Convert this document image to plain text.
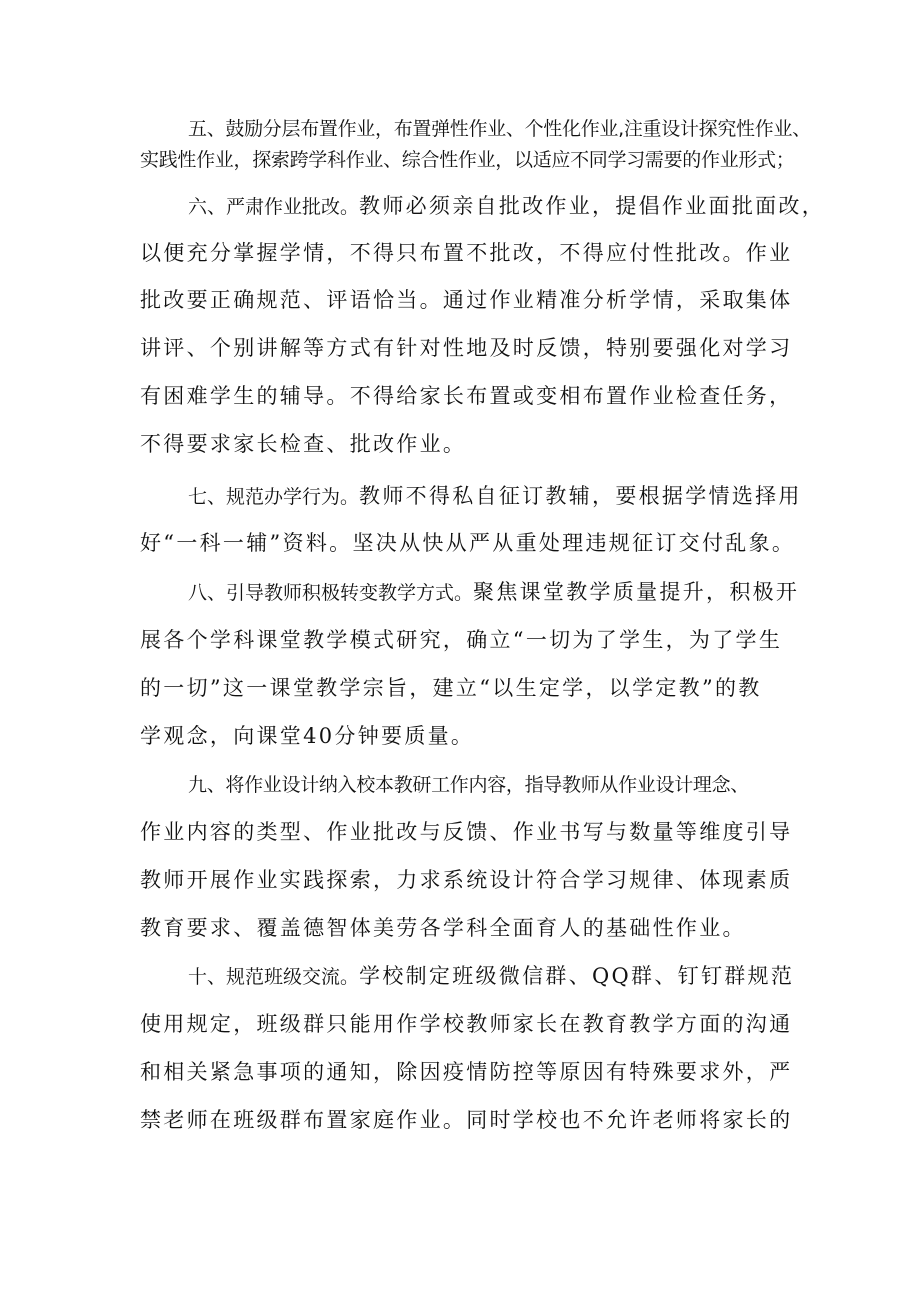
五、鼓励分层布置作业，布置弹性作业、个性化作业,注重设计探究性作业、
实践性作业，探索跨学科作业、综合性作业，以适应不同学习需要的作业形式；
六、严肃作业批改。教师必须亲自批改作业，提倡作业面批面改，
以便充分掌握学情，不得只布置不批改，不得应付性批改。作业
批改要正确规范、评语恰当。通过作业精准分析学情，采取集体
讲评、个别讲解等方式有针对性地及时反馈，特别要强化对学习
有困难学生的辅导。不得给家长布置或变相布置作业检查任务，
不得要求家长检查、批改作业。
七、规范办学行为。教师不得私自征订教辅，要根据学情选择用
好“一科一辅”资料。坚决从快从严从重处理违规征订交付乱象。
八、引导教师积极转变教学方式。聚焦课堂教学质量提升，积极开
展各个学科课堂教学模式研究，确立“一切为了学生，为了学生
的一切”这一课堂教学宗旨，建立“以生定学，以学定教”的教
学观念，向课堂40分钟要质量。
九、将作业设计纳入校本教研工作内容，指导教师从作业设计理念、
作业内容的类型、作业批改与反馈、作业书写与数量等维度引导
教师开展作业实践探索，力求系统设计符合学习规律、体现素质
教育要求、覆盖德智体美劳各学科全面育人的基础性作业。
十、规范班级交流。学校制定班级微信群、QQ群、钉钉群规范
使用规定，班级群只能用作学校教师家长在教育教学方面的沟通
和相关紧急事项的通知，除因疫情防控等原因有特殊要求外，严
禁老师在班级群布置家庭作业。同时学校也不允许老师将家长的
